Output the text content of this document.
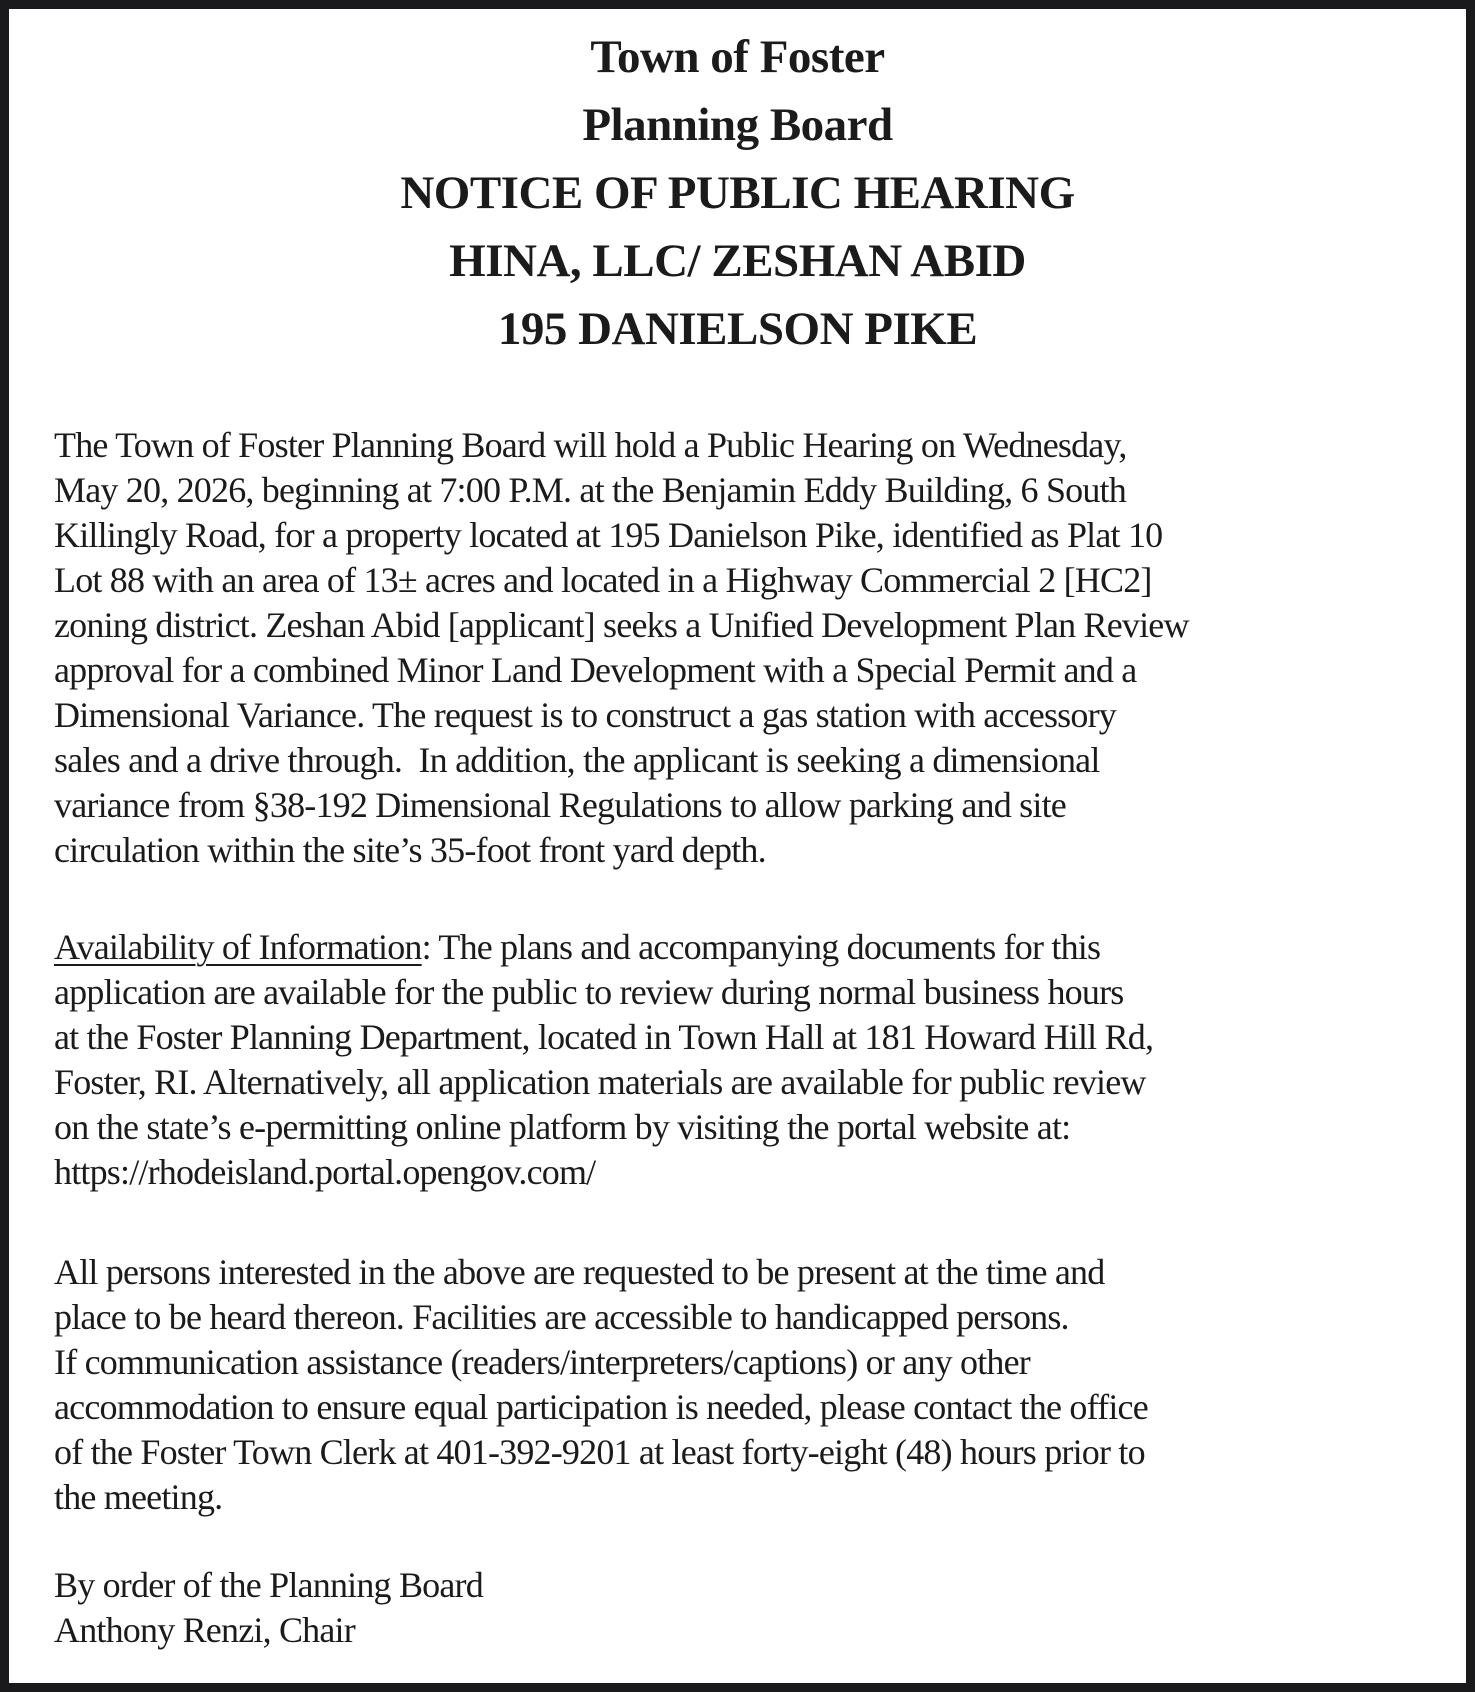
Town of Foster
Planning Board
NOTICE OF PUBLIC HEARING
HINA, LLC/ ZESHAN ABID
195 DANIELSON PIKE

The Town of Foster Planning Board will hold a Public Hearing on Wednesday,
May 20, 2026, beginning at 7:00 P.M. at the Benjamin Eddy Building, 6 South
Killingly Road, for a property located at 195 Danielson Pike, identified as Plat 10
Lot 88 with an area of 13± acres and located in a Highway Commercial 2 [HC2]
zoning district. Zeshan Abid [applicant] seeks a Unified Development Plan Review
approval for a combined Minor Land Development with a Special Permit and a
Dimensional Variance. The request is to construct a gas station with accessory
sales and a drive through.  In addition, the applicant is seeking a dimensional
variance from §38-192 Dimensional Regulations to allow parking and site
circulation within the site’s 35-foot front yard depth.

Availability of Information: The plans and accompanying documents for this
application are available for the public to review during normal business hours
at the Foster Planning Department, located in Town Hall at 181 Howard Hill Rd,
Foster, RI. Alternatively, all application materials are available for public review
on the state’s e-permitting online platform by visiting the portal website at:
https://rhodeisland.portal.opengov.com/

All persons interested in the above are requested to be present at the time and
place to be heard thereon. Facilities are accessible to handicapped persons.
If communication assistance (readers/interpreters/captions) or any other
accommodation to ensure equal participation is needed, please contact the office
of the Foster Town Clerk at 401-392-9201 at least forty-eight (48) hours prior to
the meeting.

By order of the Planning Board
Anthony Renzi, Chair
